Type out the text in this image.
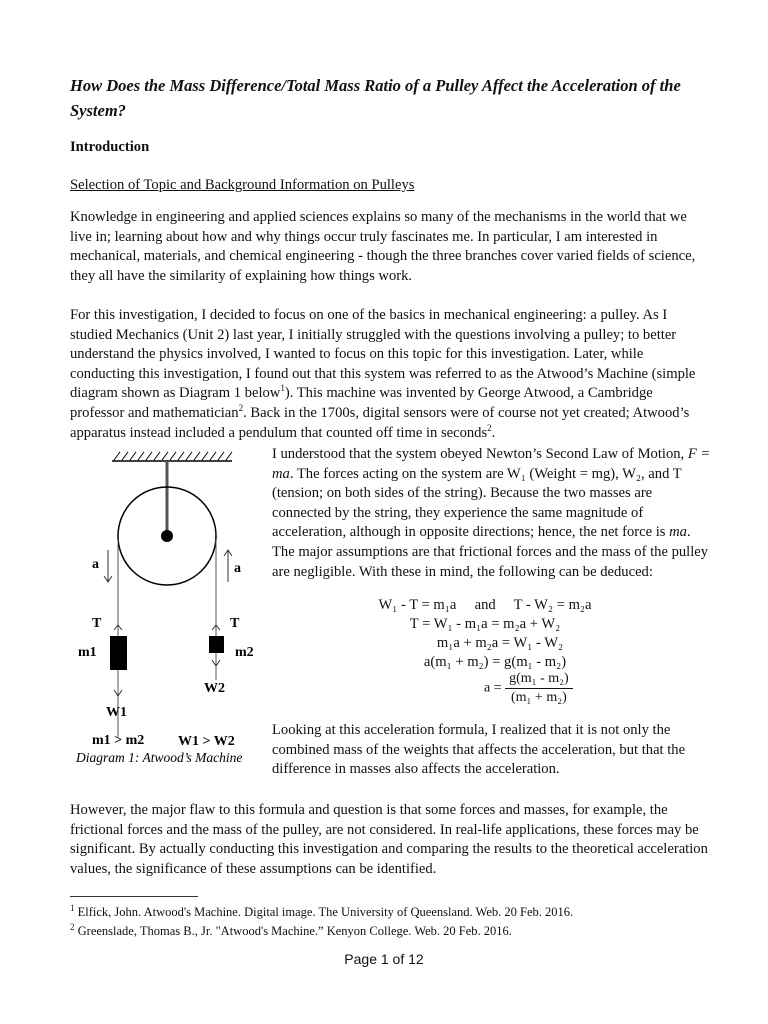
How Does the Mass Difference/Total Mass Ratio of a Pulley Affect the Acceleration of the System?
Introduction
Selection of Topic and Background Information on Pulleys

Knowledge in engineering and applied sciences explains so many of the mechanisms in the world that we live in; learning about how and why things occur truly fascinates me. In particular, I am interested in mechanical, materials, and chemical engineering - though the three branches cover varied fields of science, they all have the similarity of explaining how things work.

For this investigation, I decided to focus on one of the basics in mechanical engineering: a pulley. As I studied Mechanics (Unit 2) last year, I initially struggled with the questions involving a pulley; to better understand the physics involved, I wanted to focus on this topic for this investigation. Later, while conducting this investigation, I found out that this system was referred to as the Atwood’s Machine (simple diagram shown as Diagram 1 below$^1$). This machine was invented by George Atwood, a Cambridge professor and mathematician$^2$. Back in the 1700s, digital sensors were of course not yet created; Atwood’s apparatus instead included a pendulum that counted off time in seconds$^2$.

a	a
T	T
m1	m2
W1
W2
m1 > m2 W1 > W2
Diagram 1: Atwood’s Machine

I understood that the system obeyed Newton’s Second Law of Motion, F = ma. The forces acting on the system are W₁ (Weight = mg), W₂, and T (tension; on both sides of the string). Because the two masses are connected by the string, they experience the same magnitude of acceleration, although in opposite directions; hence, the net force is ma. The major assumptions are that frictional forces and the mass of the pulley are negligible. With these in mind, the following can be deduced:

W₁ - T = m₁a     and     T - W₂ = m₂a
T = W₁ - m₁a = m₂a + W₂
m₁a + m₂a = W₁ - W₂
a(m₁ + m₂) = g(m₁ - m₂)
$a = \frac{\text{g(m₁ - m₂)}}{\text{(m₁ + m₂)}}$

Looking at this acceleration formula, I realized that it is not only the combined mass of the weights that affects the acceleration, but that the difference in masses also affects the acceleration.

However, the major flaw to this formula and question is that some forces and masses, for example, the frictional forces and the mass of the pulley, are not considered. In real-life applications, these forces may be significant. By actually conducting this investigation and comparing the results to the theoretical acceleration values, the significance of these assumptions can be identified.

$^1$ Elfick, John. Atwood's Machine. Digital image. The University of Queensland. Web. 20 Feb. 2016.
$^2$ Greenslade, Thomas B., Jr. "Atwood's Machine.” Kenyon College. Web. 20 Feb. 2016.
Page 1 of 12
